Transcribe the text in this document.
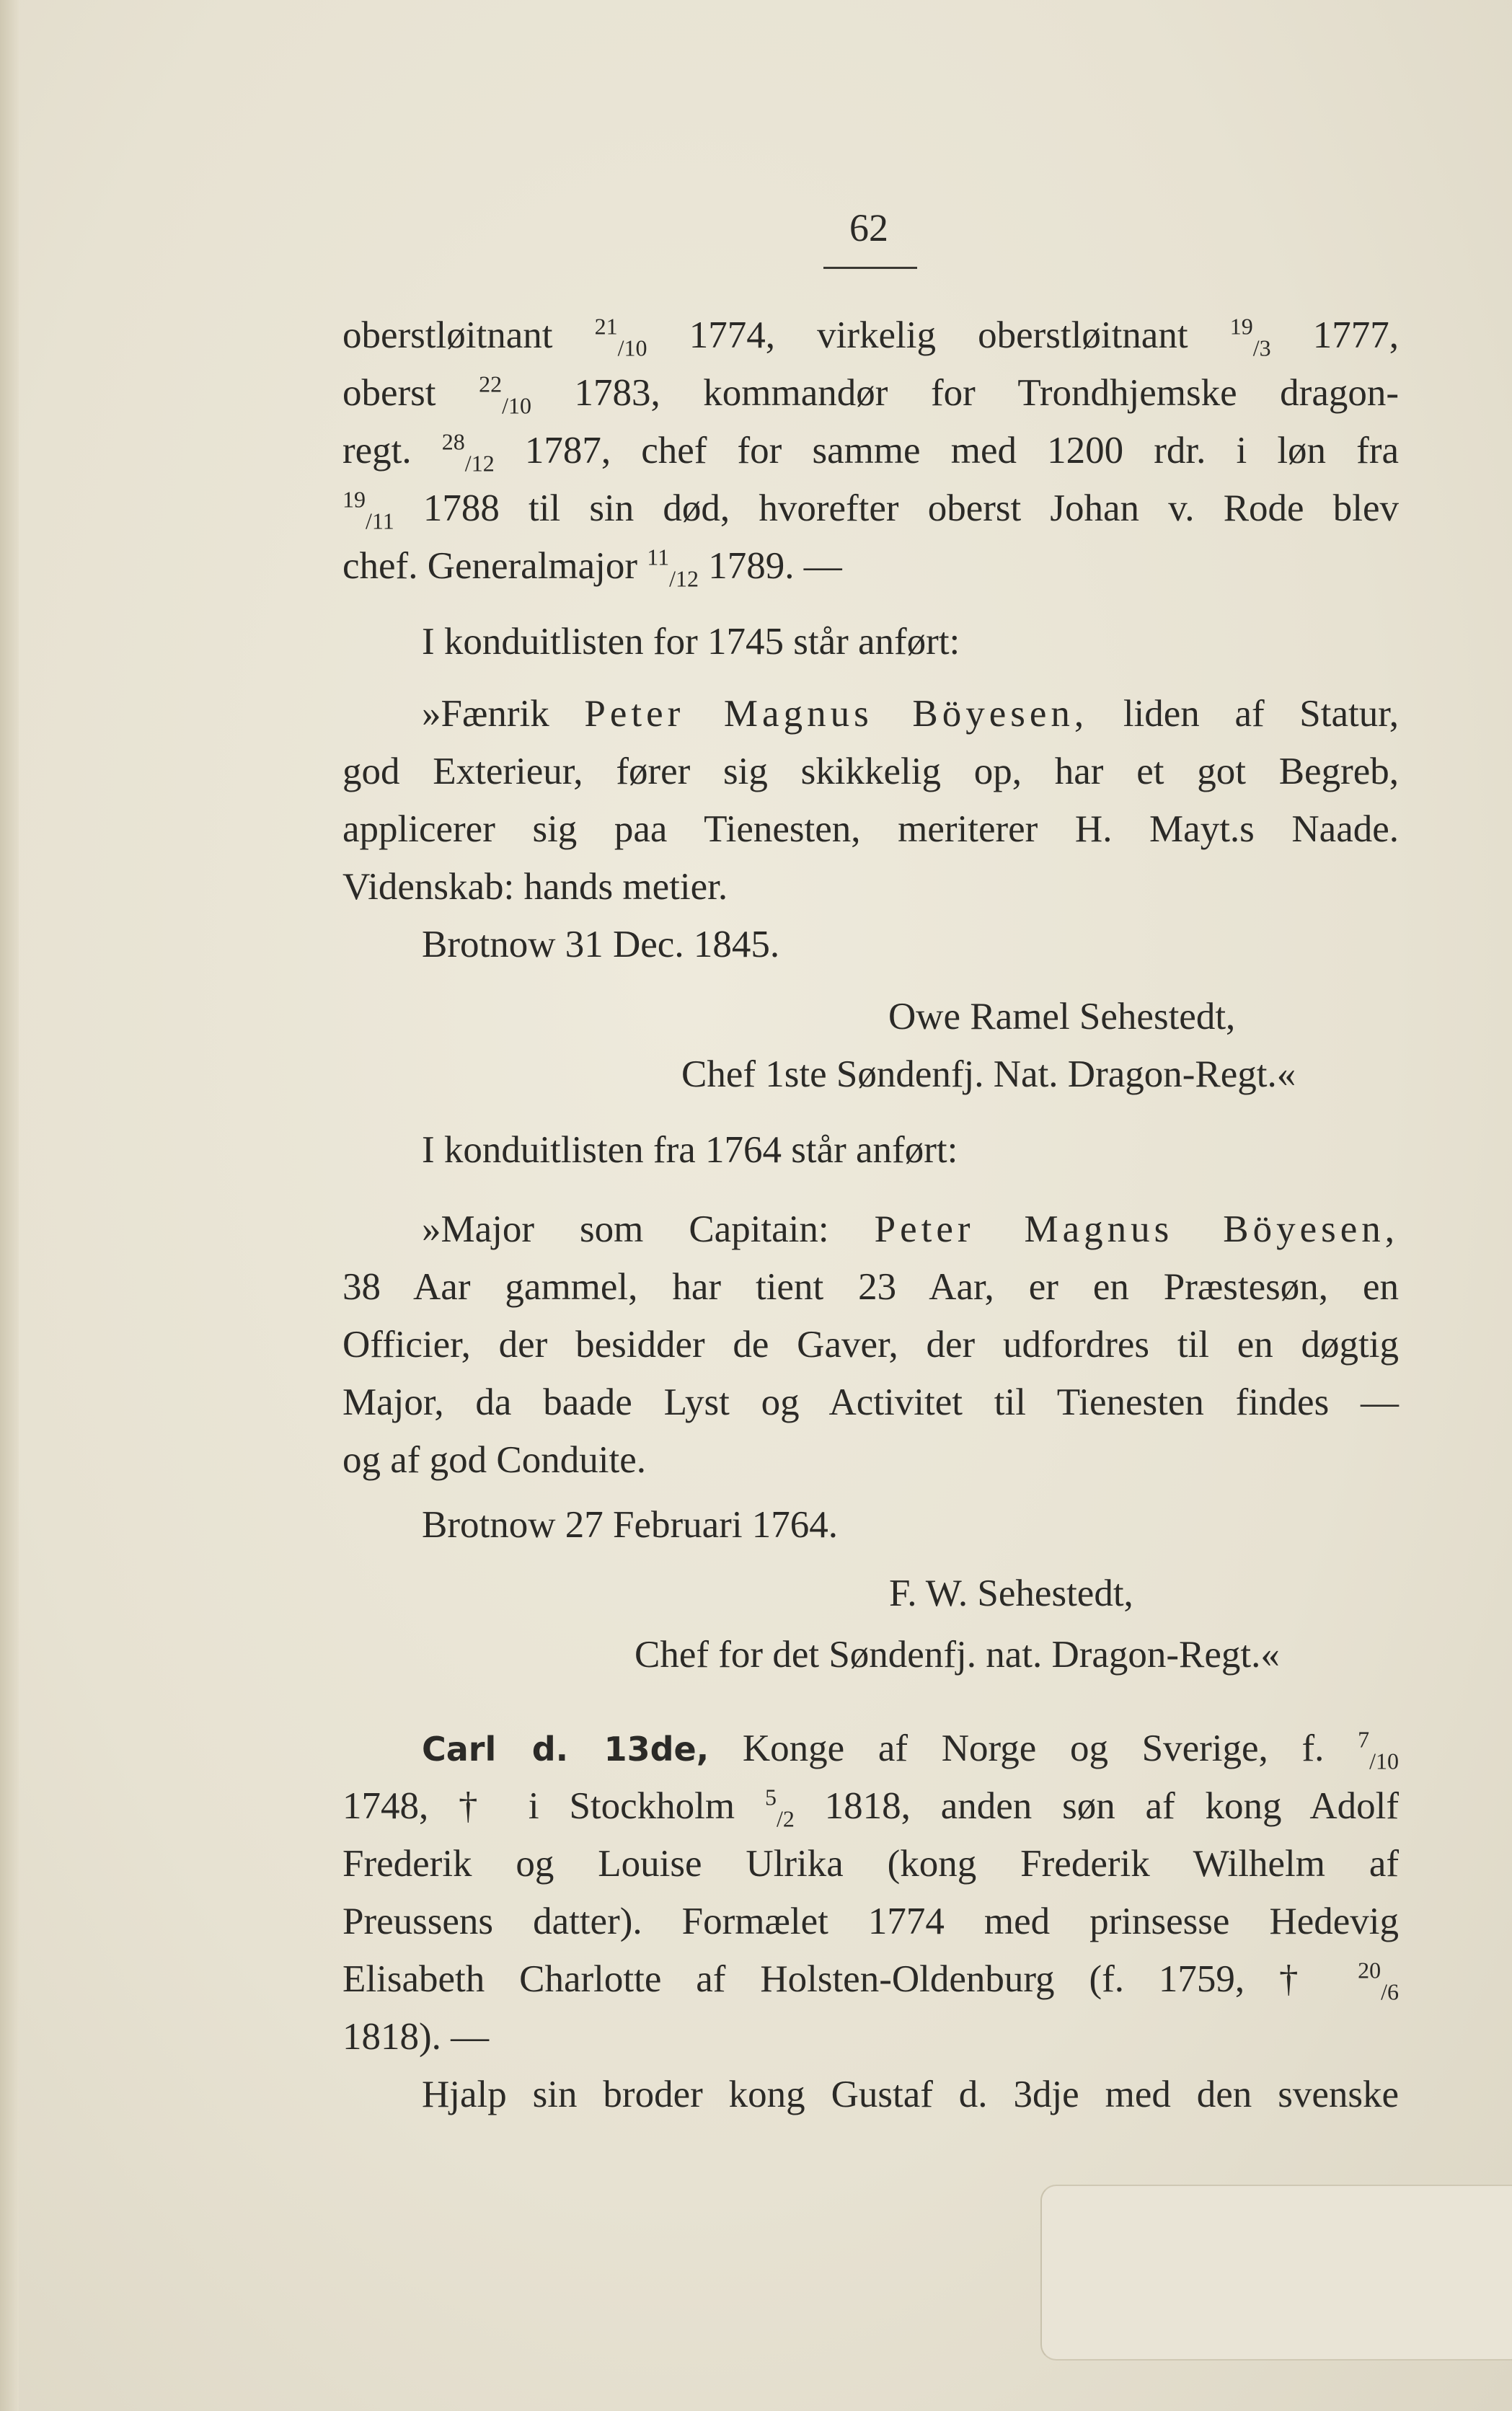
62
oberstløitnant $^{21}_{/10}$ 1774, virkelig oberstløitnant $^{19}_{/3}$ 1777,
oberst $^{22}_{/10}$ 1783, kommandør for Trondhjemske dragon-
regt. $^{28}_{/12}$ 1787, chef for samme med 1200 rdr. i løn fra
$^{19}_{/11}$ 1788 til sin død, hvorefter oberst Johan v. Rode blev
chef. Generalmajor $^{11}_{/12}$ 1789. —
I konduitlisten for 1745 står anført:
»Fænrik Peter Magnus Böyesen, liden af Statur,
god Exterieur, fører sig skikkelig op, har et got Begreb,
applicerer sig paa Tienesten, meriterer H. Mayt.s Naade.
Videnskab: hands metier.
Brotnow 31 Dec. 1845.
Owe Ramel Sehestedt,
Chef 1ste Søndenfj. Nat. Dragon-Regt.«
I konduitlisten fra 1764 står anført:
»Major som Capitain: Peter Magnus Böyesen,
38 Aar gammel, har tient 23 Aar, er en Præstesøn, en
Officier, der besidder de Gaver, der udfordres til en døgtig
Major, da baade Lyst og Activitet til Tienesten findes —
og af god Conduite.
Brotnow 27 Februari 1764.
F. W. Sehestedt,
Chef for det Søndenfj. nat. Dragon-Regt.«
Carl d. 13de, Konge af Norge og Sverige, f. $^7_{/10}$
1748, † i Stockholm $^5_{/2}$ 1818, anden søn af kong Adolf
Frederik og Louise Ulrika (kong Frederik Wilhelm af
Preussens datter). Formælet 1774 med prinsesse Hedevig
Elisabeth Charlotte af Holsten-Oldenburg (f. 1759, † $^{20}_{/6}$
1818). —
Hjalp sin broder kong Gustaf d. 3dje med den svenske
